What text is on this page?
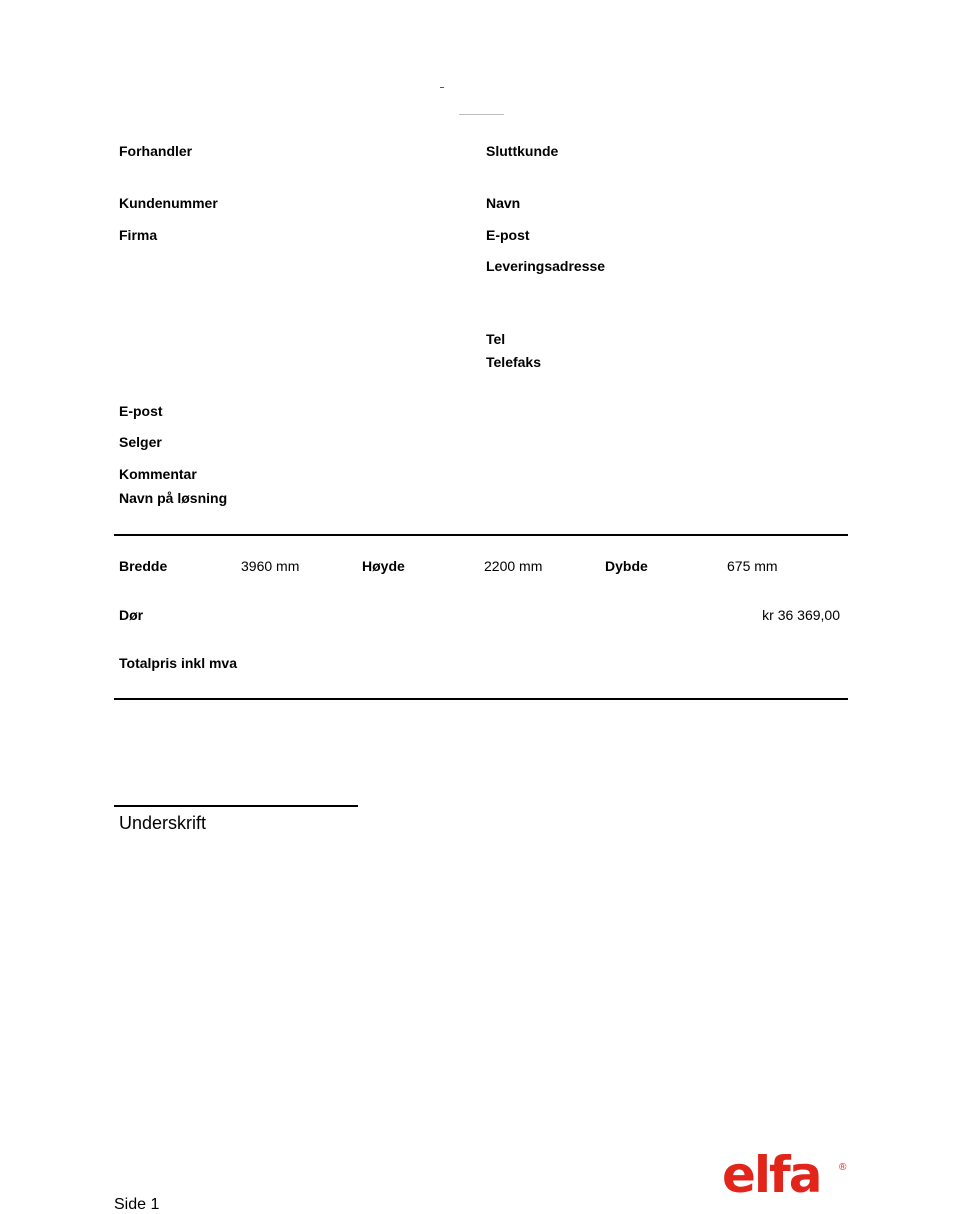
Forhandler
Kundenummer
Firma
E-post
Selger
Kommentar
Navn på løsning
Sluttkunde
Navn
E-post
Leveringsadresse
Tel
Telefaks
Bredde	3960 mm	Høyde	2200 mm	Dybde	675 mm
Dør	kr 36 369,00
Totalpris inkl mva
Underskrift
Side 1
elfa ®
